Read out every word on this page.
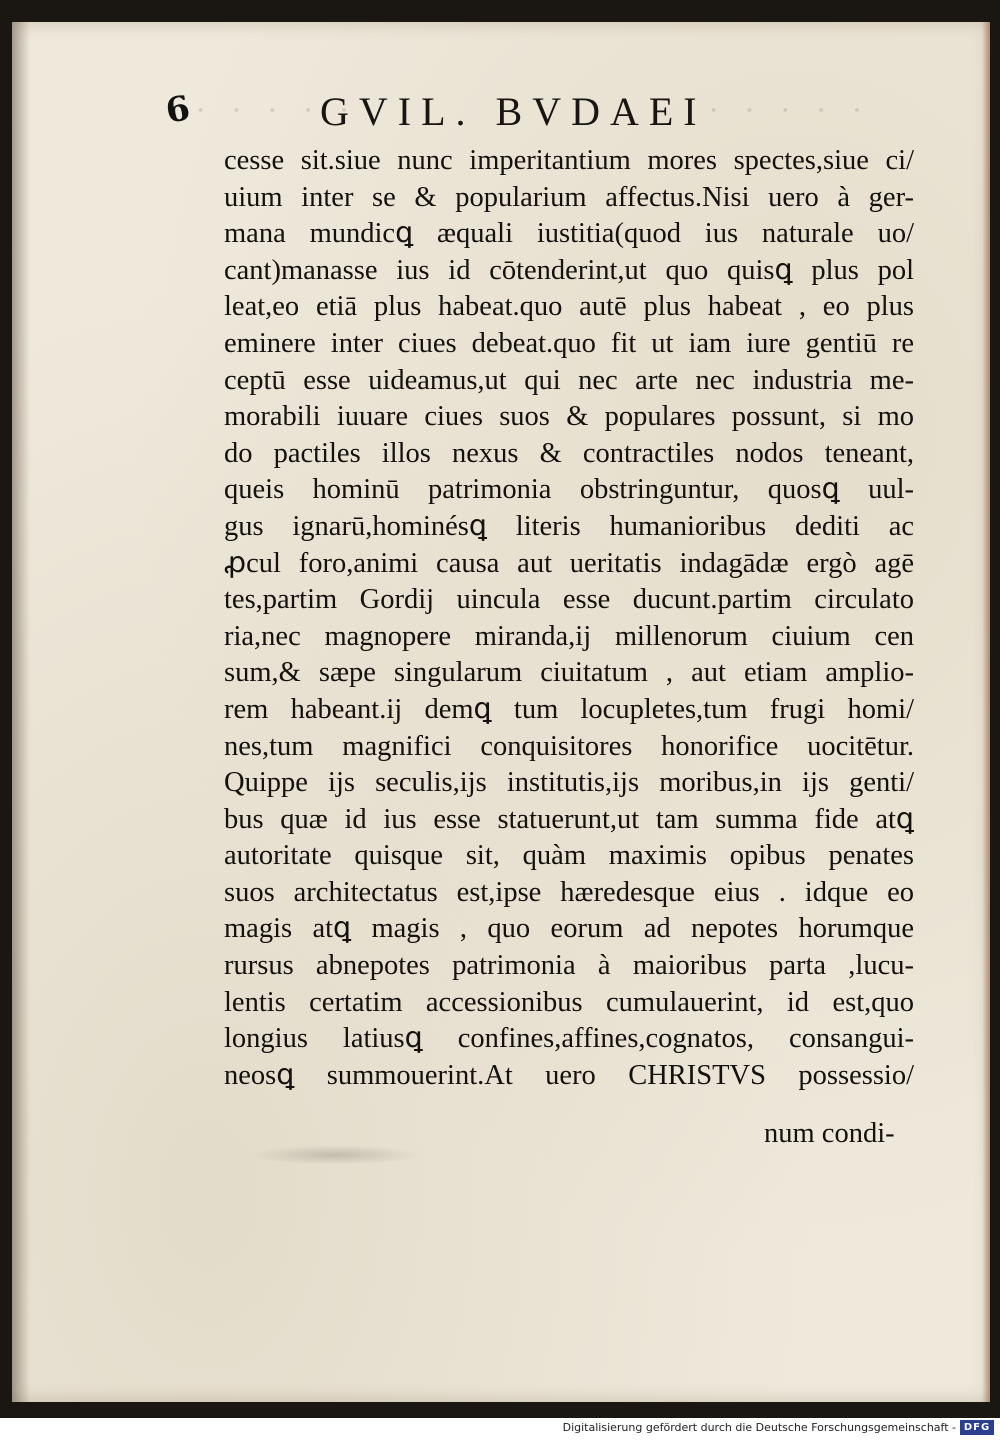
6 · · · · ·
GVIL. BVDAEI · · · · ·
cesse sit.siue nunc imperitantium mores spectes,siue ci/
uium inter se & popularium affectus.Nisi uero à ger-
mana mundicꝗ æquali iustitia(quod ius naturale uo/
cant)manasse ius id cōtenderint,ut quo quisꝗ plus pol
leat,eo etiā plus habeat.quo autē plus habeat , eo plus
eminere inter ciues debeat.quo fit ut iam iure gentiū re
ceptū esse uideamus,ut qui nec arte nec industria me-
morabili iuuare ciues suos & populares possunt, si mo
do pactiles illos nexus & contractiles nodos teneant,
queis hominū patrimonia obstringuntur, quosꝗ uul-
gus ignarū,hominésꝗ literis humanioribus dediti ac
ꝓcul foro,animi causa aut ueritatis indagādæ ergò agē
tes,partim Gordij uincula esse ducunt.partim circulato
ria,nec magnopere miranda,ij millenorum ciuium cen
sum,& sæpe singularum ciuitatum , aut etiam amplio-
rem habeant.ij demꝗ tum locupletes,tum frugi homi/
nes,tum magnifici conquisitores honorifice uocitētur.
Quippe ijs seculis,ijs institutis,ijs moribus,in ijs genti/
bus quæ id ius esse statuerunt,ut tam summa fide atꝗ
autoritate quisque sit, quàm maximis opibus penates
suos architectatus est,ipse hæredesque eius . idque eo
magis atꝗ magis , quo eorum ad nepotes horumque
rursus abnepotes patrimonia à maioribus parta ,lucu-
lentis certatim accessionibus cumulauerint, id est,quo
longius latiusꝗ confines,affines,cognatos, consangui-
neosꝗ summouerint.At uero CHRISTVS possessio/
num condi-
Digitalisierung gefördert durch die Deutsche Forschungsgemeinschaft - DFG
